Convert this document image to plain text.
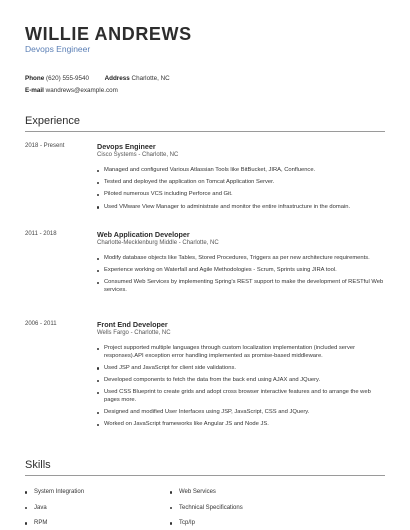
WILLIE ANDREWS
Devops Engineer
Phone (620) 555-9540 Address Charlotte, NC
E-mail wandrews@example.com
Experience
2018 - Present	Devops Engineer
Cisco Systems - Charlotte, NC
Managed and configured Various Atlassian Tools like BitBucket, JIRA, Confluence.
Tested and deployed the application on Tomcat Application Server.
Piloted numerous VCS including Perforce and Git.
Used VMware View Manager to administrate and monitor the entire infrastructure in the domain.
2011 - 2018	Web Application Developer
Charlotte-Mecklenburg Middle - Charlotte, NC
Modify database objects like Tables, Stored Procedures, Triggers as per new architecture requirements.
Experience working on Waterfall and Agile Methodologies - Scrum, Sprints using JIRA tool.
Consumed Web Services by implementing Spring's REST support to make the development of RESTful Web services.
2006 - 2011	Front End Developer
Wells Fargo - Charlotte, NC
Project supported multiple languages through custom localization implementation (included server responses).API exception error handling implemented as promise-based middleware.
Used JSP and JavaScript for client side validations.
Developed components to fetch the data from the back end using AJAX and JQuery.
Used CSS Blueprint to create grids and adopt cross browser interactive features and to arrange the web pages more.
Designed and modified User Interfaces using JSP, JavaScript, CSS and JQuery.
Worked on JavaScript frameworks like Angular JS and Node JS.
Skills
System Integration	Web Services
Java	Technical Specifications
RPM	Tcp/Ip
